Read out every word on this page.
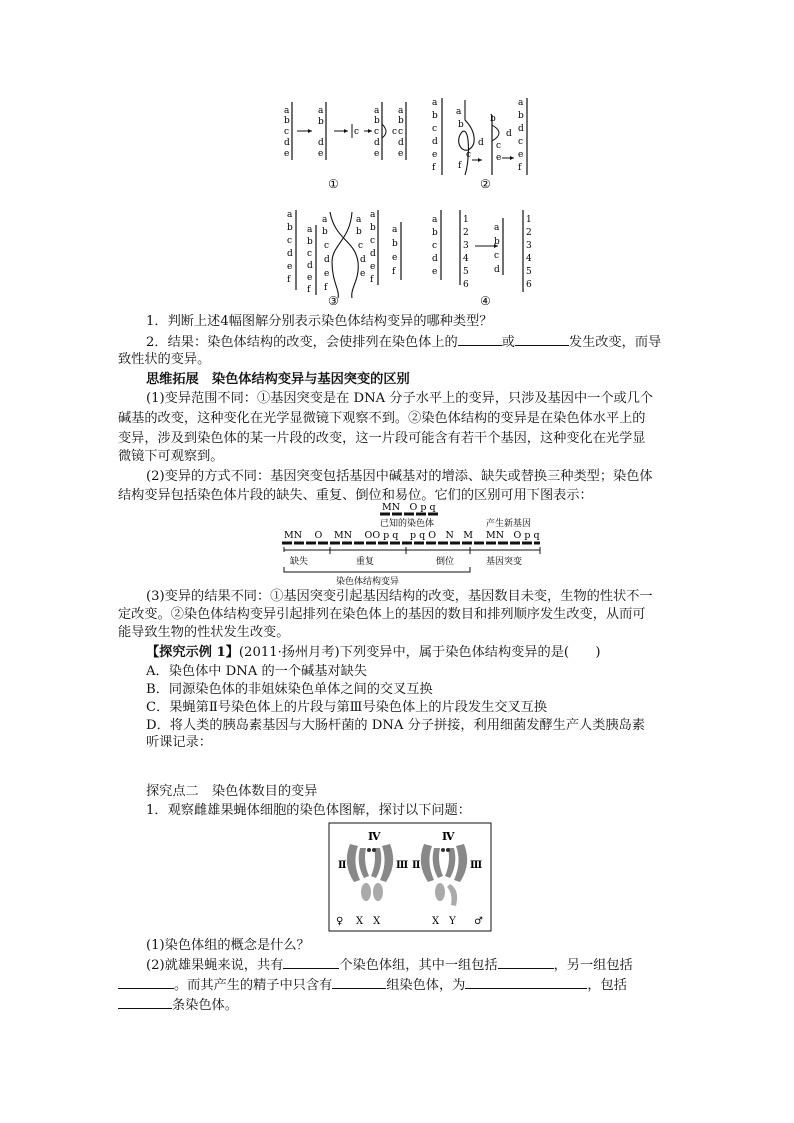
a
b
c
d
e
a
b
d
e
c
a
b
c
d
e
c
a
b
c
d
e
①
a
b
c
d
e
f
a
b
d
c
f
b
d
c
e
a
b
d
c
e
f
②
a
b
c
d
e
f
a
b
c
d
e
f
a
b
c
d
e
f
a
b
c
d
e
a
b
c
d
e
f
a
b
e
f
③
a
b
c
d
e
1
2
3
4
5
6
a
b
c
d
1
2
3
4
5
6
④
1．判断上述4幅图解分别表示染色体结构变异的哪种类型？
2．结果：染色体结构的改变，会使排列在染色体上的	或	发生改变，而导
致性状的变异。
思维拓展　染色体结构变异与基因突变的区别
(1)变异范围不同：①基因突变是在 DNA 分子水平上的变异，只涉及基因中一个或几个
碱基的改变，这种变化在光学显微镜下观察不到。②染色体结构的变异是在染色体水平上的
变异，涉及到染色体的某一片段的改变，这一片段可能含有若干个基因，这种变化在光学显
微镜下可观察到。
(2)变异的方式不同：基因突变包括基因中碱基对的增添、缺失或替换三种类型；染色体
结构变异包括染色体片段的缺失、重复、倒位和易位。它们的区别可用下图表示：
MN　O p q
已知的染色体	产生新基因
MN　 O MN　 OO p q p q O　N　M MN　O p q
缺失	重复	倒位	基因突变
染色体结构变异
(3)变异的结果不同：①基因突变引起基因结构的改变，基因数目未变，生物的性状不一
定改变。②染色体结构变异引起排列在染色体上的基因的数目和排列顺序发生改变，从而可
能导致生物的性状发生改变。
【探究示例 1】(2011·扬州月考)下列变异中，属于染色体结构变异的是(　　)
A．染色体中 DNA 的一个碱基对缺失
B．同源染色体的非姐妹染色单体之间的交叉互换
C．果蝇第Ⅱ号染色体上的片段与第Ⅲ号染色体上的片段发生交叉互换
D．将人类的胰岛素基因与大肠杆菌的 DNA 分子拼接，利用细菌发酵生产人类胰岛素
听课记录：
探究点二　染色体数目的变异
1．观察雌雄果蝇体细胞的染色体图解，探讨以下问题：
Ⅳ
Ⅱ	Ⅲ
♀ X　X
Ⅳ
Ⅱ	Ⅲ
X　Y ♂
(1)染色体组的概念是什么？
(2)就雄果蝇来说，共有	个染色体组，其中一组包括	，另一组包括
。而其产生的精子中只含有	组染色体，为	，包括
条染色体。
